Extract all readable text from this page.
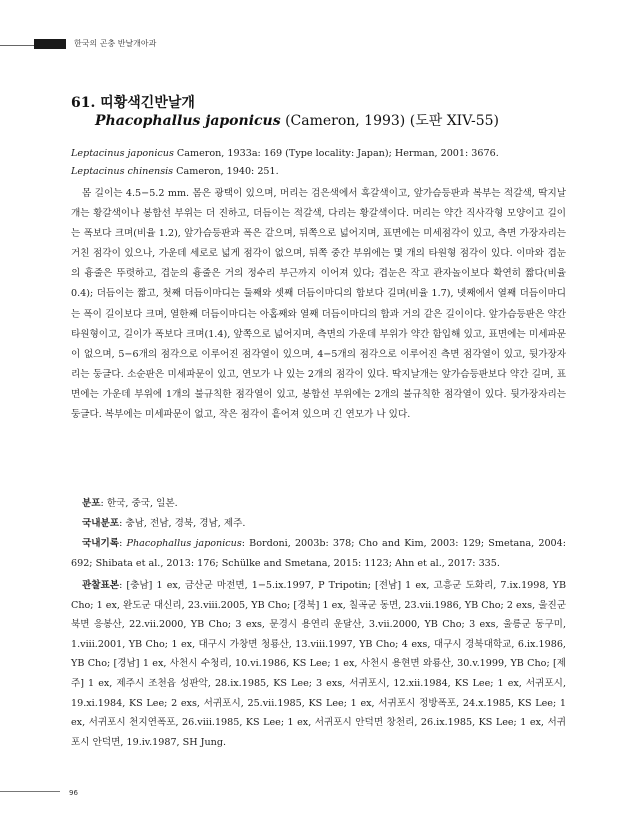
한국의 곤충 반날개아과
61. 띠황색긴반날개
Phacophallus japonicus (Cameron, 1993) (도판 XIV-55)
Leptacinus japonicus Cameron, 1933a: 169 (Type locality: Japan); Herman, 2001: 3676.
Leptacinus chinensis Cameron, 1940: 251.

몸 길이는 4.5−5.2 mm. 몸은 광택이 있으며, 머리는 검은색에서 흑갈색이고, 앞가슴등판과 복부는 적갈색, 딱지날개는 황갈색이나 봉합선 부위는 더 진하고, 더듬이는 적갈색, 다리는 황갈색이다. 머리는 약간 직사각형 모양이고 길이는 폭보다 크며(비율 1.2), 앞가슴등판과 폭은 같으며, 뒤쪽으로 넓어지며, 표면에는 미세점각이 있고, 측면 가장자리는 거친 점각이 있으나, 가운데 세로로 넓게 점각이 없으며, 뒤쪽 중간 부위에는 몇 개의 타원형 점각이 있다. 이마와 겹눈의 흉줄은 뚜렷하고, 겹눈의 흉줄은 거의 정수리 부근까지 이어져 있다; 겹눈은 작고 관자놀이보다 확연히 짧다(비율 0.4); 더듬이는 짧고, 첫째 더듬이마디는 둘째와 셋째 더듬이마디의 합보다 길며(비율 1.7), 넷째에서 열째 더듬이마디는 폭이 길이보다 크며, 열한째 더듬이마디는 아홉째와 열째 더듬이마디의 합과 거의 같은 길이이다. 앞가슴등판은 약간 타원형이고, 길이가 폭보다 크며(1.4), 앞쪽으로 넓어지며, 측면의 가운데 부위가 약간 함입해 있고, 표면에는 미세파문이 없으며, 5−6개의 점각으로 이루어진 점각열이 있으며, 4−5개의 점각으로 이루어진 측면 점각열이 있고, 뒷가장자리는 둥글다. 소순판은 미세파문이 있고, 연모가 나 있는 2개의 점각이 있다. 딱지날개는 앞가슴등판보다 약간 길며, 표면에는 가운데 부위에 1개의 불규칙한 점각열이 있고, 봉합선 부위에는 2개의 불규칙한 점각열이 있다. 뒷가장자리는 둥글다. 복부에는 미세파문이 없고, 작은 점각이 흩어져 있으며 긴 연모가 나 있다.

분포: 한국, 중국, 일본.

국내분포: 충남, 전남, 경북, 경남, 제주.

국내기록: Phacophallus japonicus: Bordoni, 2003b: 378; Cho and Kim, 2003: 129; Smetana, 2004: 692; Shibata et al., 2013: 176; Schülke and Smetana, 2015: 1123; Ahn et al., 2017: 335.

관찰표본: [충남] 1 ex, 금산군 마전면, 1−5.ix.1997, P Tripotin; [전남] 1 ex, 고흥군 도화리, 7.ix.1998, YB Cho; 1 ex, 완도군 대신리, 23.viii.2005, YB Cho; [경북] 1 ex, 칠곡군 동면, 23.vii.1986, YB Cho; 2 exs, 울진군 북면 응봉산, 22.vii.2000, YB Cho; 3 exs, 문경시 용연리 운달산, 3.vii.2000, YB Cho; 3 exs, 울릉군 동구미, 1.viii.2001, YB Cho; 1 ex, 대구시 가창면 청룡산, 13.viii.1997, YB Cho; 4 exs, 대구시 경북대학교, 6.ix.1986, YB Cho; [경남] 1 ex, 사천시 수청리, 10.vi.1986, KS Lee; 1 ex, 사천시 용현면 와룡산, 30.v.1999, YB Cho; [제주] 1 ex, 제주시 조천읍 성판악, 28.ix.1985, KS Lee; 3 exs, 서귀포시, 12.xii.1984, KS Lee; 1 ex, 서귀포시, 19.xi.1984, KS Lee; 2 exs, 서귀포시, 25.vii.1985, KS Lee; 1 ex, 서귀포시 정방폭포, 24.x.1985, KS Lee; 1 ex, 서귀포시 천지연폭포, 26.viii.1985, KS Lee; 1 ex, 서귀포시 안덕면 창천리, 26.ix.1985, KS Lee; 1 ex, 서귀포시 안덕면, 19.iv.1987, SH Jung.

96
